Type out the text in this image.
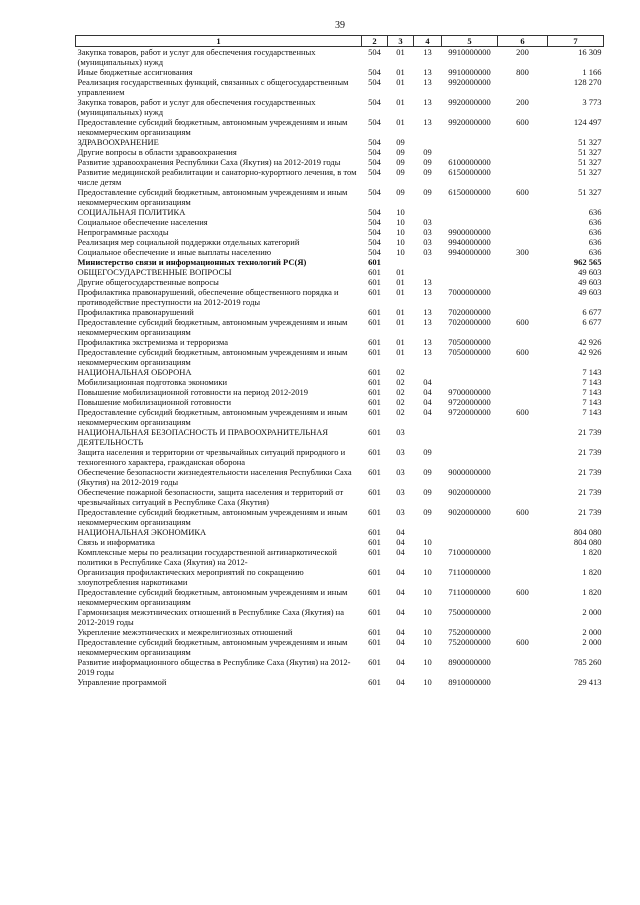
39
1	2	3	4	5	6	7
Закупка товаров, работ и услуг для обеспечения государственных (муниципальных) нужд	504	01	13	9910000000	200	16 309
Иные бюджетные ассигнования	504	01	13	9910000000	800	1 166
Реализация государственных функций, связанных с общегосударственным управлением	504	01	13	9920000000		128 270
Закупка товаров, работ и услуг для обеспечения государственных (муниципальных) нужд	504	01	13	9920000000	200	3 773
Предоставление субсидий бюджетным, автономным учреждениям и иным некоммерческим организациям	504	01	13	9920000000	600	124 497
ЗДРАВООХРАНЕНИЕ	504	09				51 327
Другие вопросы в области здравоохранения	504	09	09			51 327
Развитие здравоохранения Республики Саха (Якутия) на 2012-2019 годы	504	09	09	6100000000		51 327
Развитие медицинской реабилитации и санаторно-курортного лечения, в том числе детям	504	09	09	6150000000		51 327
Предоставление субсидий бюджетным, автономным учреждениям и иным некоммерческим организациям	504	09	09	6150000000	600	51 327
СОЦИАЛЬНАЯ ПОЛИТИКА	504	10				636
Социальное обеспечение населения	504	10	03			636
Непрограммные расходы	504	10	03	9900000000		636
Реализация мер социальной поддержки отдельных категорий	504	10	03	9940000000		636
Социальное обеспечение и иные выплаты населению	504	10	03	9940000000	300	636
Министерство связи и информационных технологий РС(Я)	601					962 565
ОБЩЕГОСУДАРСТВЕННЫЕ ВОПРОСЫ	601	01				49 603
Другие общегосударственные вопросы	601	01	13			49 603
Профилактика правонарушений, обеспечение общественного порядка и противодействие преступности на 2012-2019 годы	601	01	13	7000000000		49 603
Профилактика правонарушений	601	01	13	7020000000		6 677
Предоставление субсидий бюджетным, автономным учреждениям и иным некоммерческим организациям	601	01	13	7020000000	600	6 677
Профилактика экстремизма и терроризма	601	01	13	7050000000		42 926
Предоставление субсидий бюджетным, автономным учреждениям и иным некоммерческим организациям	601	01	13	7050000000	600	42 926
НАЦИОНАЛЬНАЯ ОБОРОНА	601	02				7 143
Мобилизационная подготовка экономики	601	02	04			7 143
Повышение мобилизационной готовности на период 2012-2019	601	02	04	9700000000		7 143
Повышение мобилизационной готовности	601	02	04	9720000000		7 143
Предоставление субсидий бюджетным, автономным учреждениям и иным некоммерческим организациям	601	02	04	9720000000	600	7 143
НАЦИОНАЛЬНАЯ БЕЗОПАСНОСТЬ И ПРАВООХРАНИТЕЛЬНАЯ ДЕЯТЕЛЬНОСТЬ	601	03				21 739
Защита населения и территории от чрезвычайных ситуаций природного и техногенного характера, гражданская оборона	601	03	09			21 739
Обеспечение безопасности жизнедеятельности населения Республики Саха (Якутия) на 2012-2019 годы	601	03	09	9000000000		21 739
Обеспечение пожарной безопасности, защита населения и территорий от чрезвычайных ситуаций в Республике Саха (Якутия)	601	03	09	9020000000		21 739
Предоставление субсидий бюджетным, автономным учреждениям и иным некоммерческим организациям	601	03	09	9020000000	600	21 739
НАЦИОНАЛЬНАЯ ЭКОНОМИКА	601	04				804 080
Связь и информатика	601	04	10			804 080
Комплексные меры по реализации государственной антинаркотической политики в Республике Саха (Якутия) на 2012-	601	04	10	7100000000		1 820
Организация профилактических мероприятий по сокращению злоупотребления наркотиками	601	04	10	7110000000		1 820
Предоставление субсидий бюджетным, автономным учреждениям и иным некоммерческим организациям	601	04	10	7110000000	600	1 820
Гармонизация межэтнических отношений в Республике Саха (Якутия) на 2012-2019 годы	601	04	10	7500000000		2 000
Укрепление межэтнических и межрелигиозных отношений	601	04	10	7520000000		2 000
Предоставление субсидий бюджетным, автономным учреждениям и иным некоммерческим организациям	601	04	10	7520000000	600	2 000
Развитие информационного общества в Республике Саха (Якутия) на 2012-2019 годы	601	04	10	8900000000		785 260
Управление программой	601	04	10	8910000000		29 413
